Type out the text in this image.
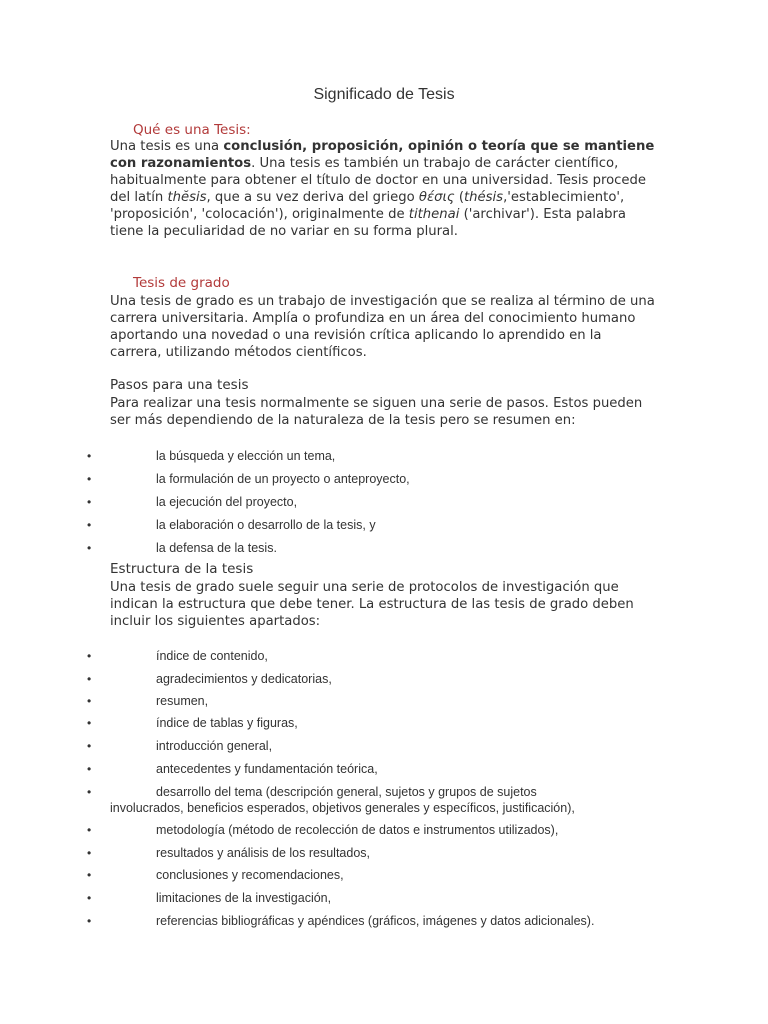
Significado de Tesis
Qué es una Tesis:

Una tesis es una conclusión, proposición, opinión o teoría que se mantiene con razonamientos. Una tesis es también un trabajo de carácter científico, habitualmente para obtener el título de doctor en una universidad. Tesis procede del latín thĕsis, que a su vez deriva del griego θέσις (thésis,'establecimiento', 'proposición', 'colocación'), originalmente de tithenai ('archivar'). Esta palabra tiene la peculiaridad de no variar en su forma plural.

Tesis de grado

Una tesis de grado es un trabajo de investigación que se realiza al término de una carrera universitaria. Amplía o profundiza en un área del conocimiento humano aportando una novedad o una revisión crítica aplicando lo aprendido en la carrera, utilizando métodos científicos.

Pasos para una tesis

Para realizar una tesis normalmente se siguen una serie de pasos. Estos pueden ser más dependiendo de la naturaleza de la tesis pero se resumen en:

•	la búsqueda y elección un tema,
•	la formulación de un proyecto o anteproyecto,
•	la ejecución del proyecto,
•	la elaboración o desarrollo de la tesis, y
•	la defensa de la tesis.
Estructura de la tesis

Una tesis de grado suele seguir una serie de protocolos de investigación que indican la estructura que debe tener. La estructura de las tesis de grado deben incluir los siguientes apartados:

•	índice de contenido,
•	agradecimientos y dedicatorias,
•	resumen,
•	índice de tablas y figuras,
•	introducción general,
•	antecedentes y fundamentación teórica,
•	desarrollo del tema (descripción general, sujetos y grupos de sujetos
involucrados, beneficios esperados, objetivos generales y específicos, justificación),
•	metodología (método de recolección de datos e instrumentos utilizados),
•	resultados y análisis de los resultados,
•	conclusiones y recomendaciones,
•	limitaciones de la investigación,
•	referencias bibliográficas y apéndices (gráficos, imágenes y datos adicionales).
